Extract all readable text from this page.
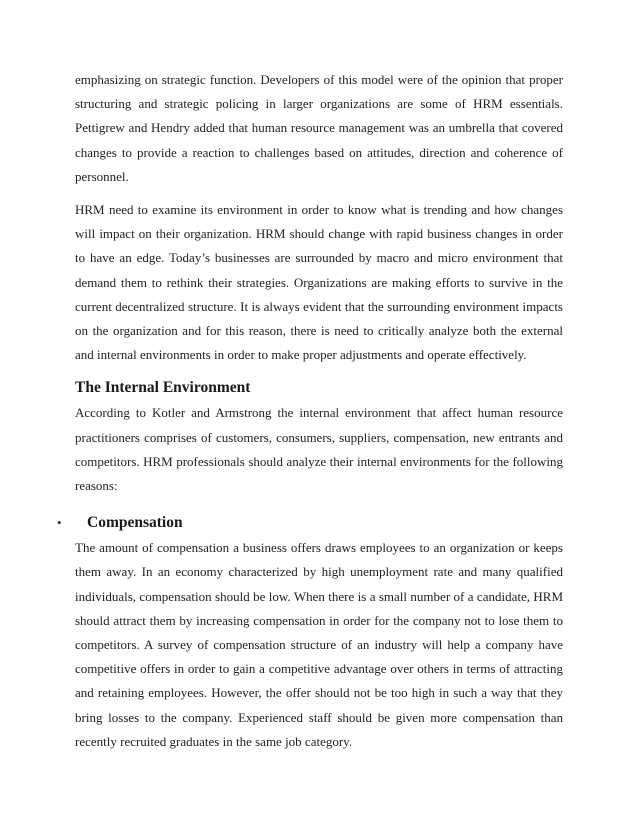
emphasizing on strategic function. Developers of this model were of the opinion that proper structuring and strategic policing in larger organizations are some of HRM essentials. Pettigrew and Hendry added that human resource management was an umbrella that covered changes to provide a reaction to challenges based on attitudes, direction and coherence of personnel.

HRM need to examine its environment in order to know what is trending and how changes will impact on their organization. HRM should change with rapid business changes in order to have an edge. Today’s businesses are surrounded by macro and micro environment that demand them to rethink their strategies. Organizations are making efforts to survive in the current decentralized structure. It is always evident that the surrounding environment impacts on the organization and for this reason, there is need to critically analyze both the external and internal environments in order to make proper adjustments and operate effectively.

The Internal Environment

According to Kotler and Armstrong the internal environment that affect human resource practitioners comprises of customers, consumers, suppliers, compensation, new entrants and competitors. HRM professionals should analyze their internal environments for the following reasons:

• Compensation

The amount of compensation a business offers draws employees to an organization or keeps them away. In an economy characterized by high unemployment rate and many qualified individuals, compensation should be low. When there is a small number of a candidate, HRM should attract them by increasing compensation in order for the company not to lose them to competitors. A survey of compensation structure of an industry will help a company have competitive offers in order to gain a competitive advantage over others in terms of attracting and retaining employees. However, the offer should not be too high in such a way that they bring losses to the company. Experienced staff should be given more compensation than recently recruited graduates in the same job category.
